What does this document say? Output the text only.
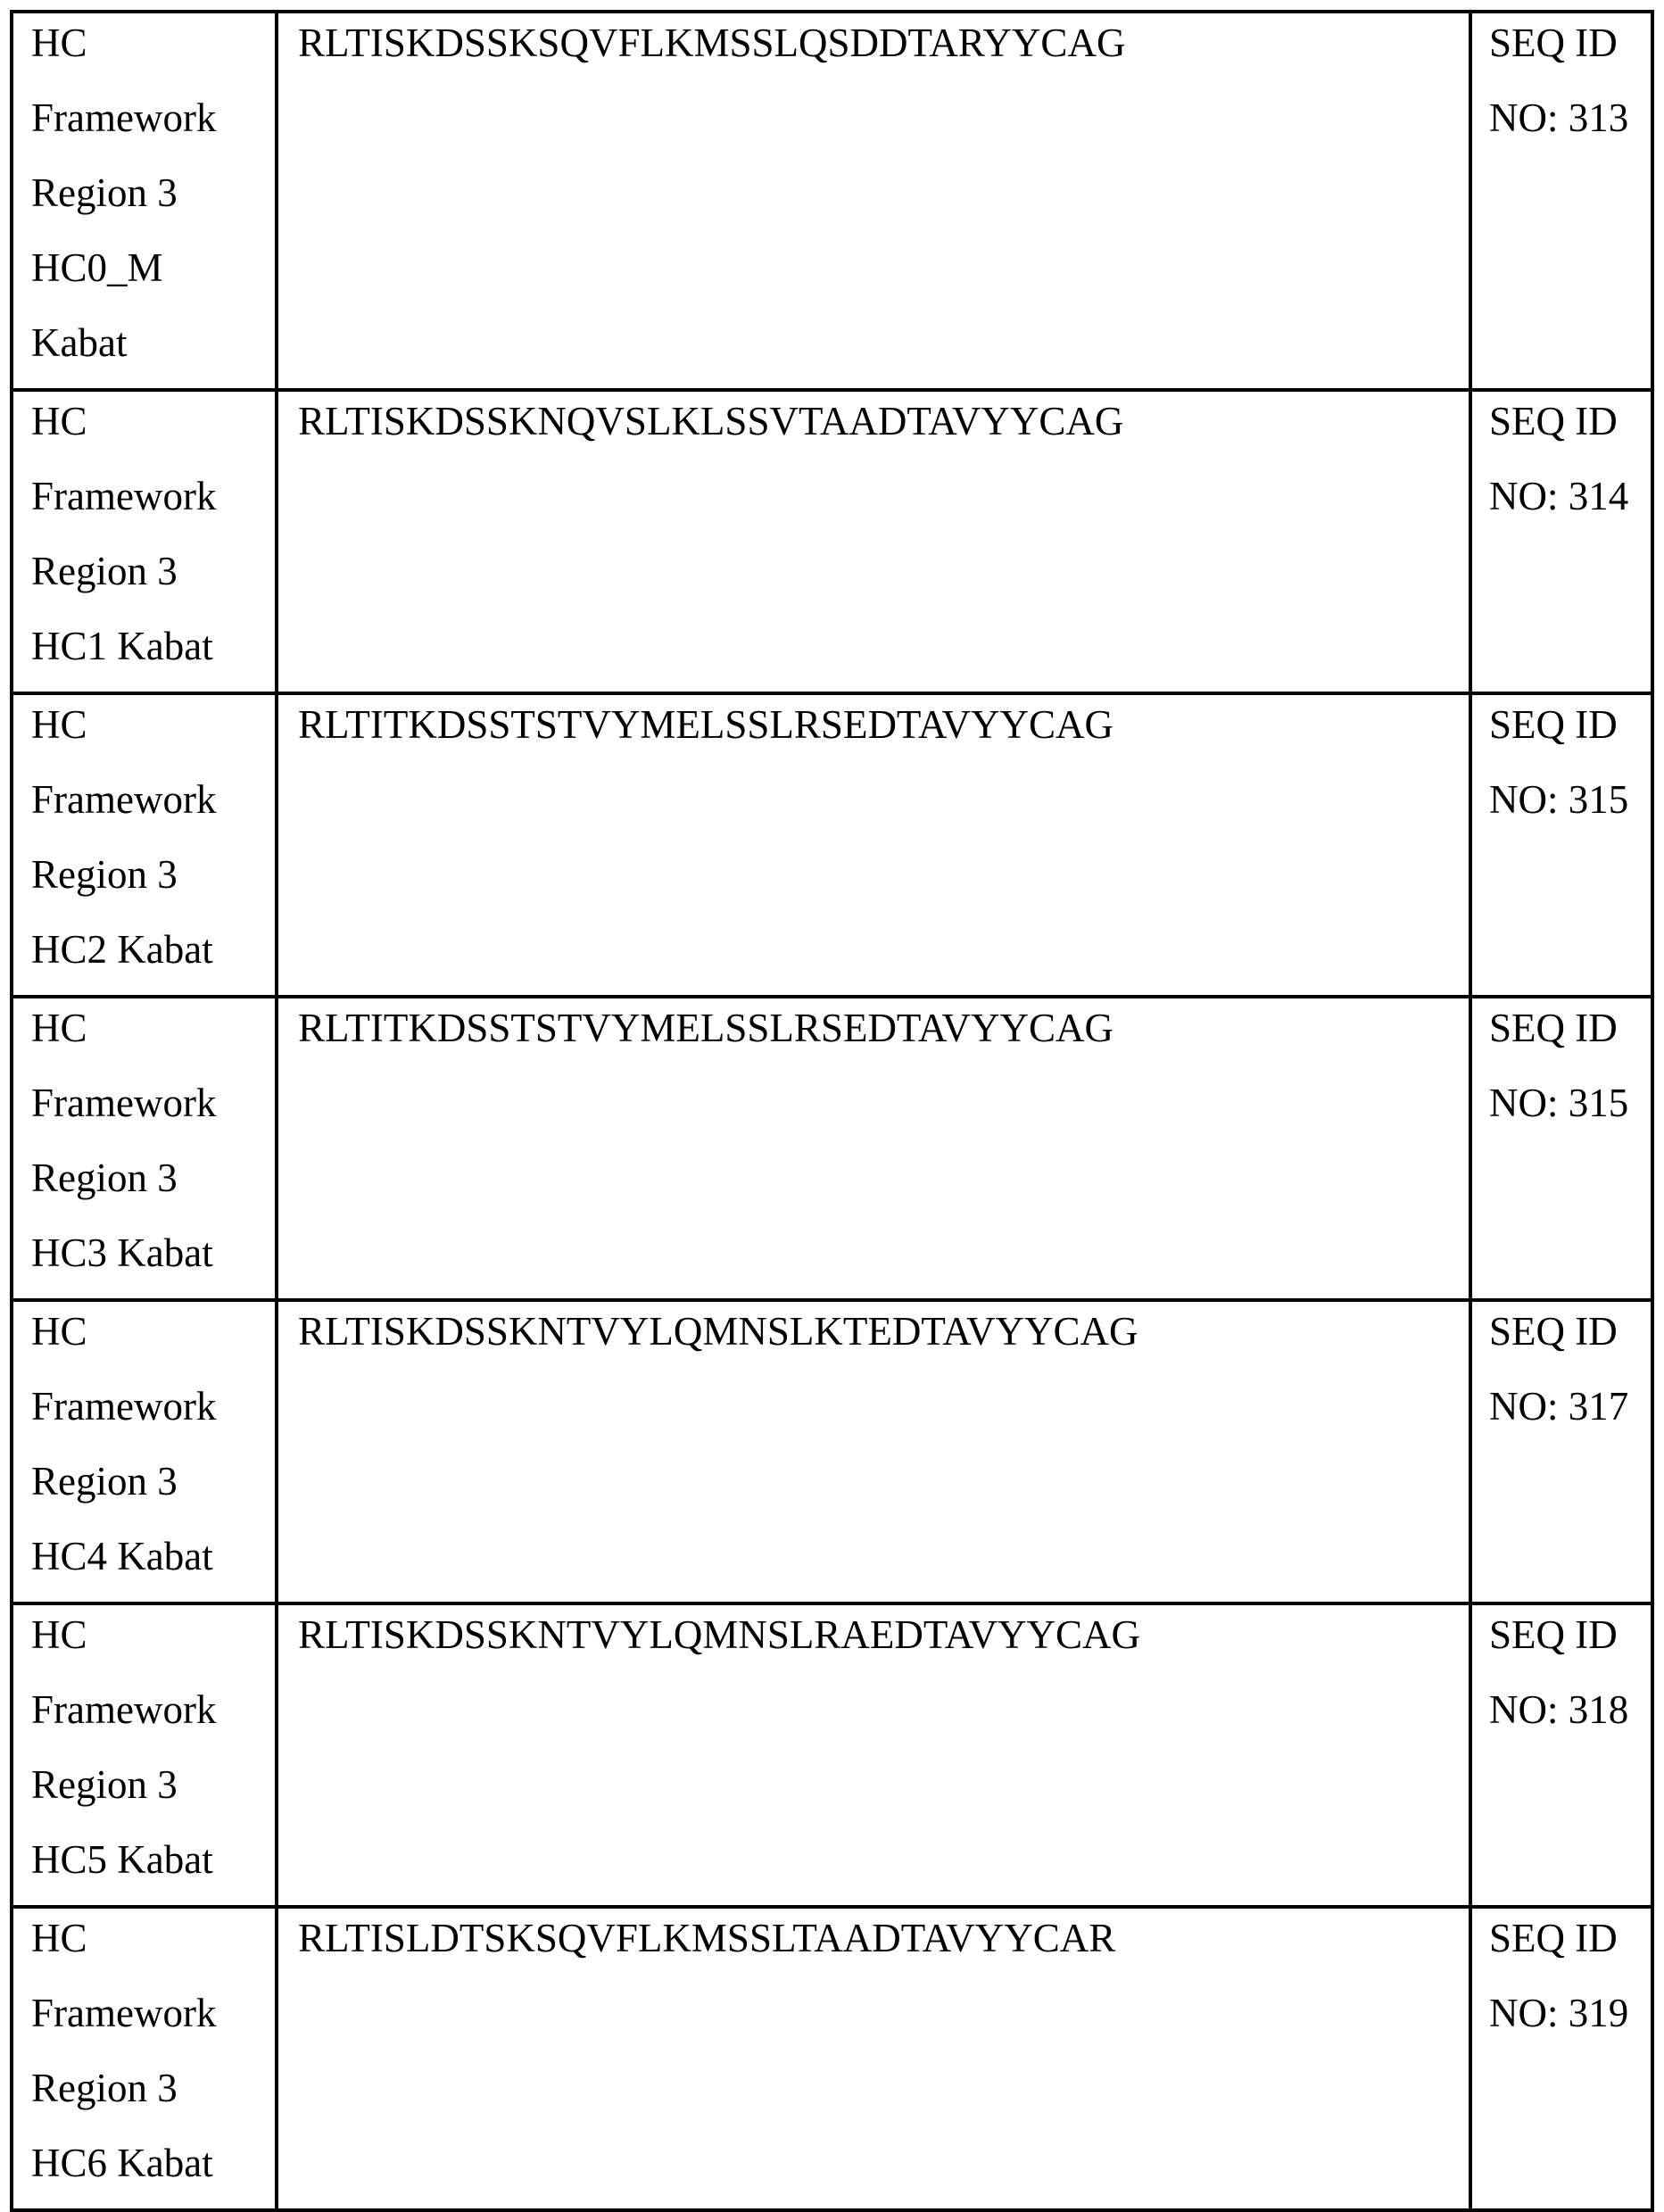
HC
Framework
Region 3
HC0_M
Kabat

RLTISKDSSKSQVFLKMSSLQSDDTARYYCAG	SEQ ID
NO: 313

HC
Framework
Region 3
HC1 Kabat

RLTISKDSSKNQVSLKLSSVTAADTAVYYCAG	SEQ ID
NO: 314

HC
Framework
Region 3
HC2 Kabat

RLTITKDSSTSTVYMELSSLRSEDTAVYYCAG	SEQ ID
NO: 315

HC
Framework
Region 3
HC3 Kabat

RLTITKDSSTSTVYMELSSLRSEDTAVYYCAG	SEQ ID
NO: 315

HC
Framework
Region 3
HC4 Kabat

RLTISKDSSKNTVYLQMNSLKTEDTAVYYCAG	SEQ ID
NO: 317

HC
Framework
Region 3
HC5 Kabat

RLTISKDSSKNTVYLQMNSLRAEDTAVYYCAG	SEQ ID
NO: 318

HC
Framework
Region 3
HC6 Kabat

RLTISLDTSKSQVFLKMSSLTAADTAVYYCAR	SEQ ID
NO: 319
